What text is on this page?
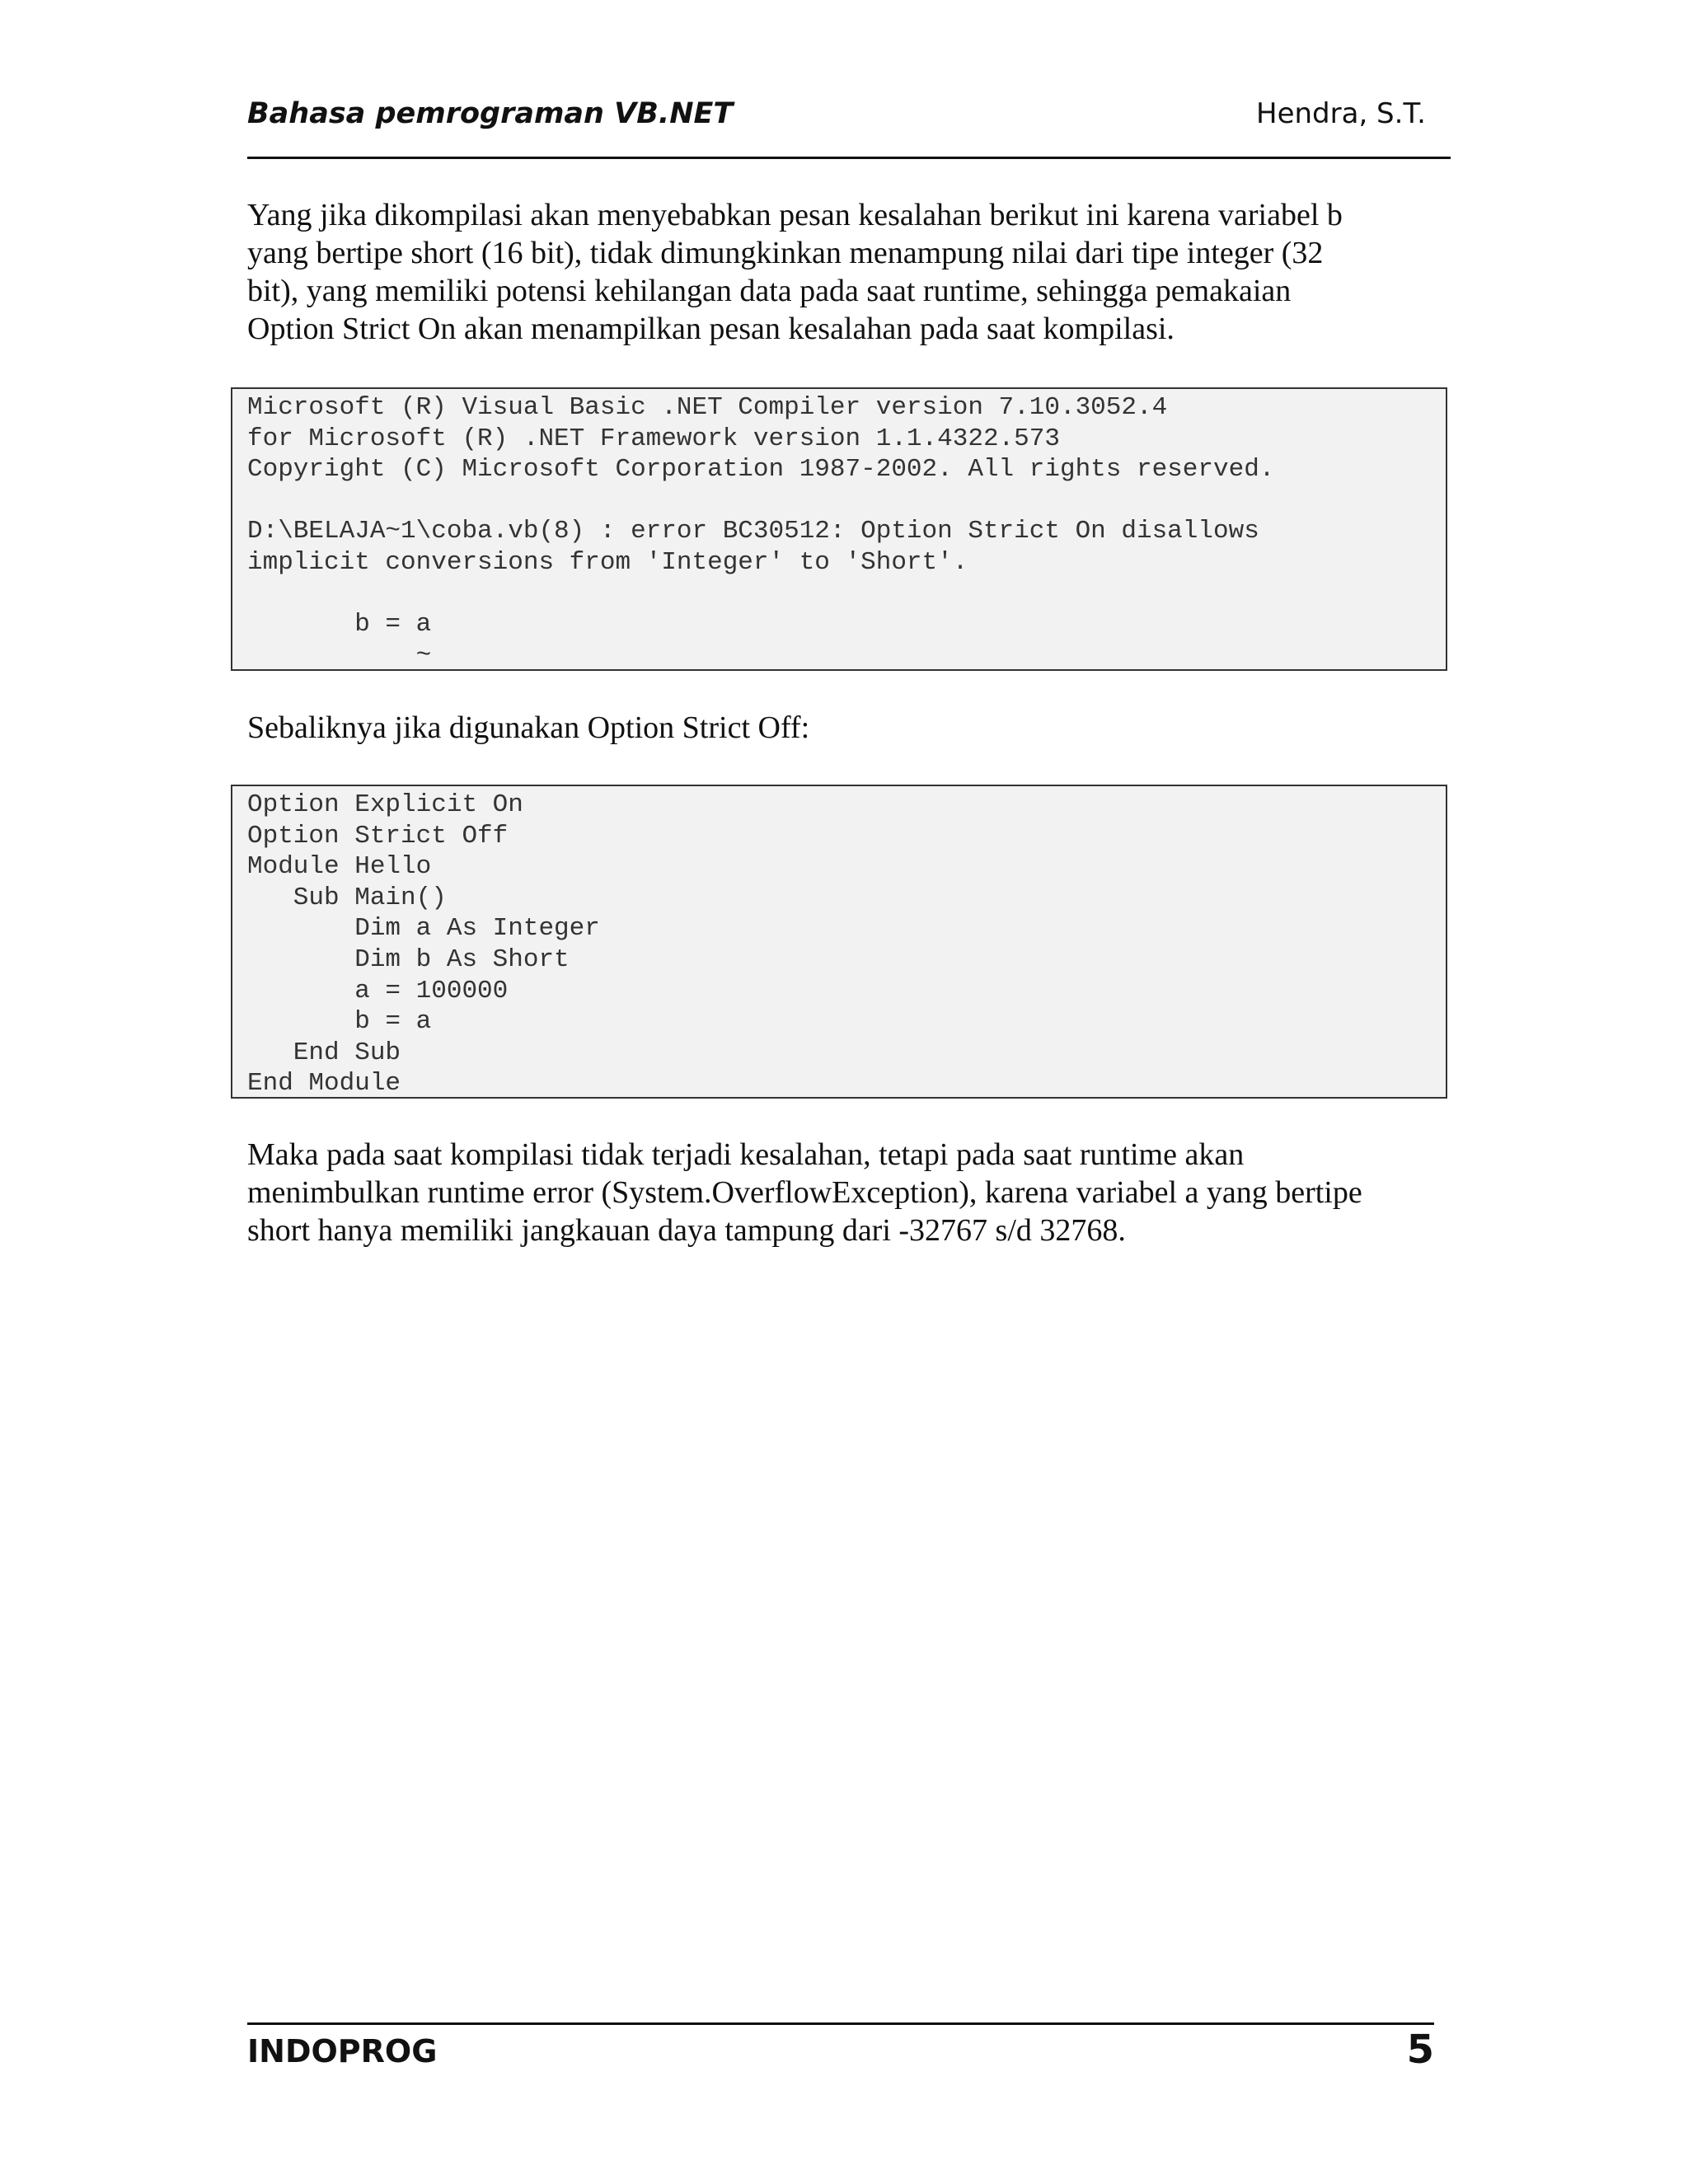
Bahasa pemrograman VB.NET	Hendra, S.T.

Yang jika dikompilasi akan menyebabkan pesan kesalahan berikut ini karena variabel b
yang bertipe short (16 bit), tidak dimungkinkan menampung nilai dari tipe integer (32
bit), yang memiliki potensi kehilangan data pada saat runtime, sehingga pemakaian
Option Strict On akan menampilkan pesan kesalahan pada saat kompilasi.

Microsoft (R) Visual Basic .NET Compiler version 7.10.3052.4
for Microsoft (R) .NET Framework version 1.1.4322.573
Copyright (C) Microsoft Corporation 1987-2002. All rights reserved.
D:\BELAJA~1\coba.vb(8) : error BC30512: Option Strict On disallows
implicit conversions from 'Integer' to 'Short'.
b = a
~

Sebaliknya jika digunakan Option Strict Off:

Option Explicit On
Option Strict Off
Module Hello
Sub Main()
Dim a As Integer
Dim b As Short
a = 100000
b = a
End Sub
End Module

Maka pada saat kompilasi tidak terjadi kesalahan, tetapi pada saat runtime akan
menimbulkan runtime error (System.OverflowException), karena variabel a yang bertipe
short hanya memiliki jangkauan daya tampung dari -32767 s/d 32768.

INDOPROG	5
